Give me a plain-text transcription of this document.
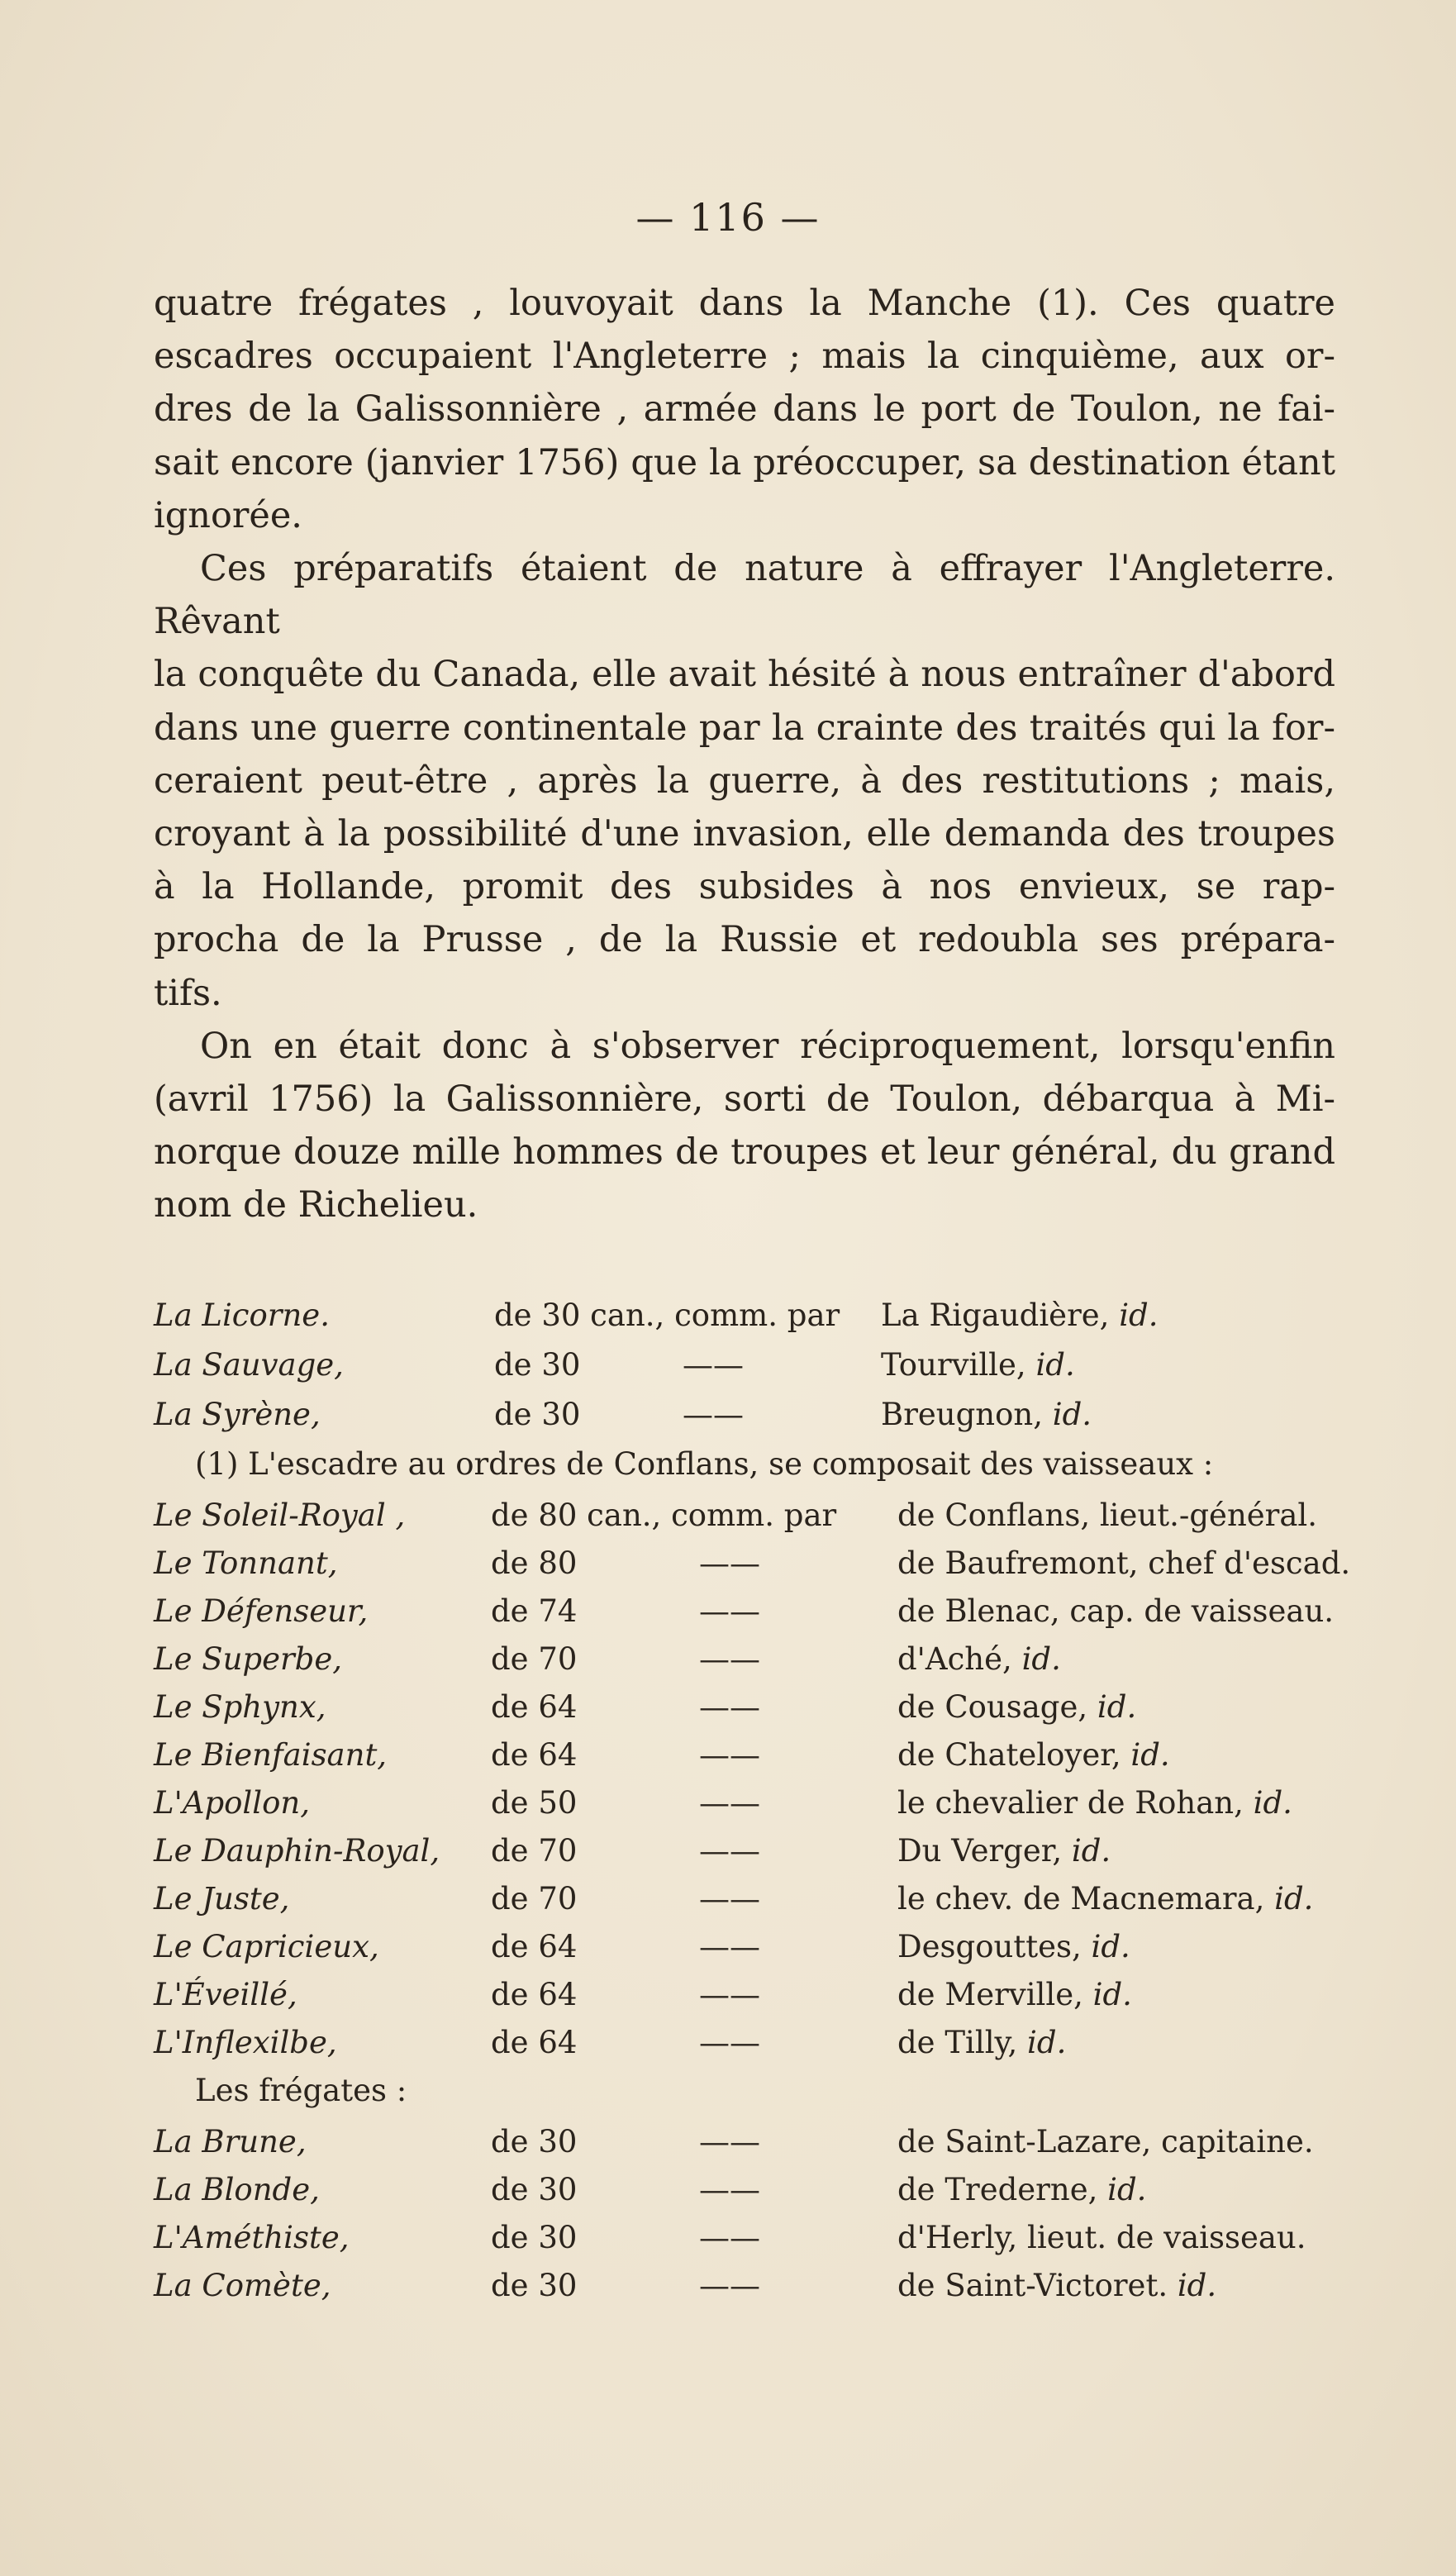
— 116 —

quatre frégates , louvoyait dans la Manche (1). Ces quatre

escadres occupaient l'Angleterre ; mais la cinquième, aux or-

dres de la Galissonnière , armée dans le port de Toulon, ne fai-

sait encore (janvier 1756) que la préoccuper, sa destination étant

ignorée.

Ces préparatifs étaient de nature à effrayer l'Angleterre. Rêvant

la conquête du Canada, elle avait hésité à nous entraîner d'abord

dans une guerre continentale par la crainte des traités qui la for-

ceraient peut-être , après la guerre, à des restitutions ; mais,

croyant à la possibilité d'une invasion, elle demanda des troupes

à la Hollande, promit des subsides à nos envieux, se rap-

procha de la Prusse , de la Russie et redoubla ses prépara-

tifs.

On en était donc à s'observer réciproquement, lorsqu'enfin

(avril 1756) la Galissonnière, sorti de Toulon, débarqua à Mi-

norque douze mille hommes de troupes et leur général, du grand

nom de Richelieu.

La Licorne.	de 30 can., comm. par La Rigaudière, id.
La Sauvage,	de 30	——	Tourville, id.
La Syrène,	de 30	——	Breugnon, id.
(1) L'escadre au ordres de Conflans, se composait des vaisseaux :
Le Soleil-Royal ,	de 80 can., comm. par de Conflans, lieut.-général.
Le Tonnant,	de 80	——	de Baufremont, chef d'escad.
Le Défenseur,	de 74	——	de Blenac, cap. de vaisseau.
Le Superbe,	de 70	——	d'Aché, id.
Le Sphynx,	de 64	——	de Cousage, id.
Le Bienfaisant,	de 64	——	de Chateloyer, id.
L'Apollon,	de 50	——	le chevalier de Rohan, id.
Le Dauphin-Royal, de 70	——	Du Verger, id.
Le Juste,	de 70	——	le chev. de Macnemara, id.
Le Capricieux,	de 64	——	Desgouttes, id.
L'Éveillé,	de 64	——	de Merville, id.
L'Inflexilbe,	de 64	——	de Tilly, id.
Les frégates :
La Brune,	de 30	——	de Saint-Lazare, capitaine.
La Blonde,	de 30	——	de Trederne, id.
L'Améthiste,	de 30	——	d'Herly, lieut. de vaisseau.
La Comète,	de 30	——	de Saint-Victoret. id.
